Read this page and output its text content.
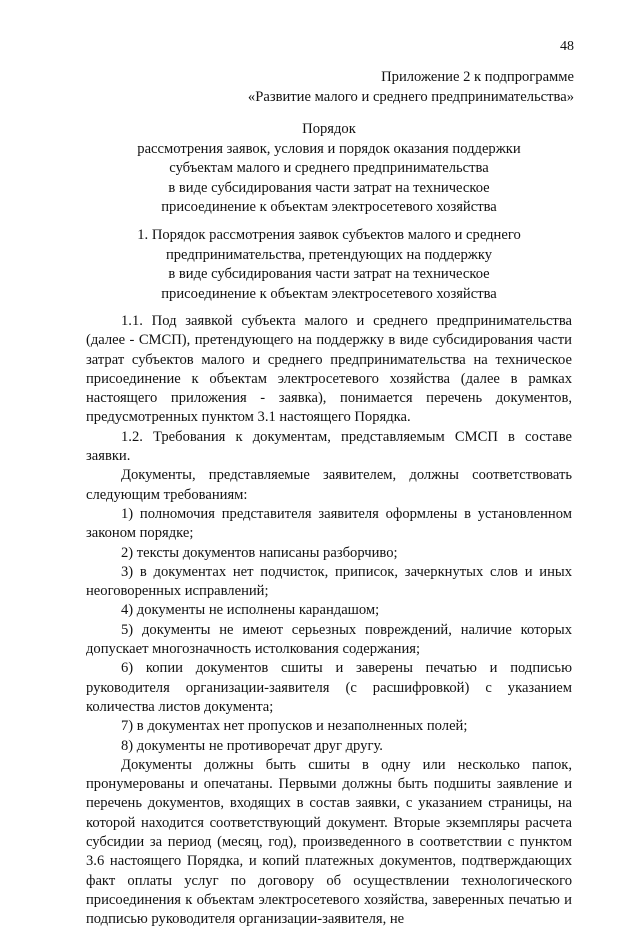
48
Приложение 2 к подпрограмме
«Развитие малого и среднего предпринимательства»
Порядок
рассмотрения заявок, условия и порядок оказания поддержки
субъектам малого и среднего предпринимательства
в виде субсидирования части затрат на техническое
присоединение к объектам электросетевого хозяйства
1. Порядок рассмотрения заявок субъектов малого и среднего
предпринимательства, претендующих на поддержку
в виде субсидирования части затрат на техническое
присоединение к объектам электросетевого хозяйства

1.1. Под заявкой субъекта малого и среднего предпринимательства (далее - СМСП), претендующего на поддержку в виде субсидирования части затрат субъектов малого и среднего предпринимательства на техническое присоединение к объектам электросетевого хозяйства (далее в рамках настоящего приложения - заявка), понимается перечень документов, предусмотренных пунктом 3.1 настоящего Порядка.

1.2. Требования к документам, представляемым СМСП в составе заявки.

Документы, представляемые заявителем, должны соответствовать следующим требованиям:

1) полномочия представителя заявителя оформлены в установленном законом порядке;

2) тексты документов написаны разборчиво;

3) в документах нет подчисток, приписок, зачеркнутых слов и иных неоговоренных исправлений;

4) документы не исполнены карандашом;

5) документы не имеют серьезных повреждений, наличие которых допускает многозначность истолкования содержания;

6) копии документов сшиты и заверены печатью и подписью руководителя организации-заявителя (с расшифровкой) с указанием количества листов документа;

7) в документах нет пропусков и незаполненных полей;

8) документы не противоречат друг другу.

Документы должны быть сшиты в одну или несколько папок, пронумерованы и опечатаны. Первыми должны быть подшиты заявление и перечень документов, входящих в состав заявки, с указанием страницы, на которой находится соответствующий документ. Вторые экземпляры расчета субсидии за период (месяц, год), произведенного в соответствии с пунктом 3.6 настоящего Порядка, и копий платежных документов, подтверждающих факт оплаты услуг по договору об осуществлении технологического присоединения к объектам электросетевого хозяйства, заверенных печатью и подписью руководителя организации-заявителя, не
